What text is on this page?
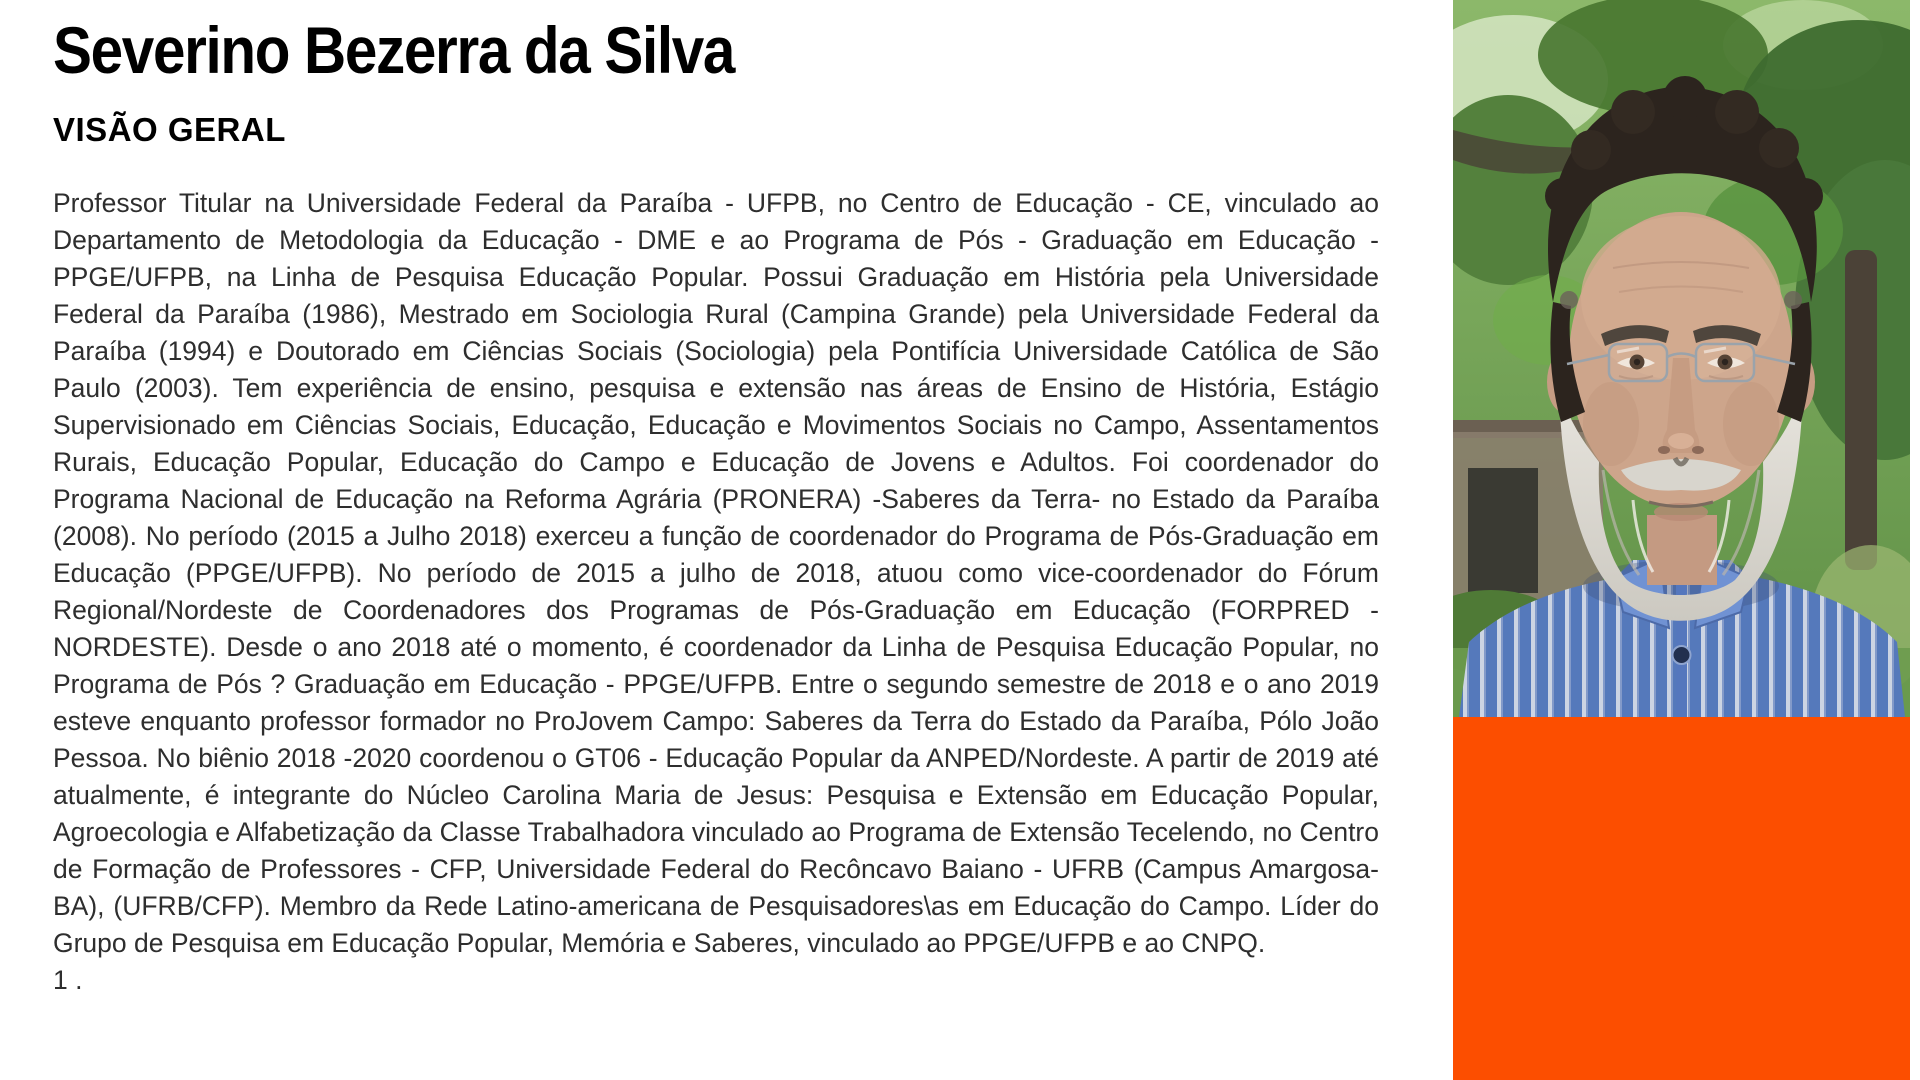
Severino Bezerra da Silva
VISÃO GERAL

Professor Titular na Universidade Federal da Paraíba - UFPB, no Centro de Educação - CE, vinculado ao Departamento de Metodologia da Educação - DME e ao Programa de Pós - Graduação em Educação - PPGE/UFPB, na Linha de Pesquisa Educação Popular. Possui Graduação em História pela Universidade Federal da Paraíba (1986), Mestrado em Sociologia Rural (Campina Grande) pela Universidade Federal da Paraíba (1994) e Doutorado em Ciências Sociais (Sociologia) pela Pontifícia Universidade Católica de São Paulo (2003). Tem experiência de ensino, pesquisa e extensão nas áreas de Ensino de História, Estágio Supervisionado em Ciências Sociais, Educação, Educação e Movimentos Sociais no Campo, Assentamentos Rurais, Educação Popular, Educação do Campo e Educação de Jovens e Adultos. Foi coordenador do Programa Nacional de Educação na Reforma Agrária (PRONERA) -Saberes da Terra- no Estado da Paraíba (2008). No período (2015 a Julho 2018) exerceu a função de coordenador do Programa de Pós-Graduação em Educação (PPGE/UFPB). No período de 2015 a julho de 2018, atuou como vice-coordenador do Fórum Regional/Nordeste de Coordenadores dos Programas de Pós-Graduação em Educação (FORPRED - NORDESTE). Desde o ano 2018 até o momento, é coordenador da Linha de Pesquisa Educação Popular, no Programa de Pós ? Graduação em Educação - PPGE/UFPB. Entre o segundo semestre de 2018 e o ano 2019 esteve enquanto professor formador no ProJovem Campo: Saberes da Terra do Estado da Paraíba, Pólo João Pessoa. No biênio 2018 -2020 coordenou o GT06 - Educação Popular da ANPED/Nordeste. A partir de 2019 até atualmente, é integrante do Núcleo Carolina Maria de Jesus: Pesquisa e Extensão em Educação Popular, Agroecologia e Alfabetização da Classe Trabalhadora vinculado ao Programa de Extensão Tecelendo, no Centro de Formação de Professores - CFP, Universidade Federal do Recôncavo Baiano - UFRB (Campus Amargosa-BA), (UFRB/CFP). Membro da Rede Latino-americana de Pesquisadores\as em Educação do Campo. Líder do Grupo de Pesquisa em Educação Popular, Memória e Saberes, vinculado ao PPGE/UFPB e ao CNPQ.

1 .
